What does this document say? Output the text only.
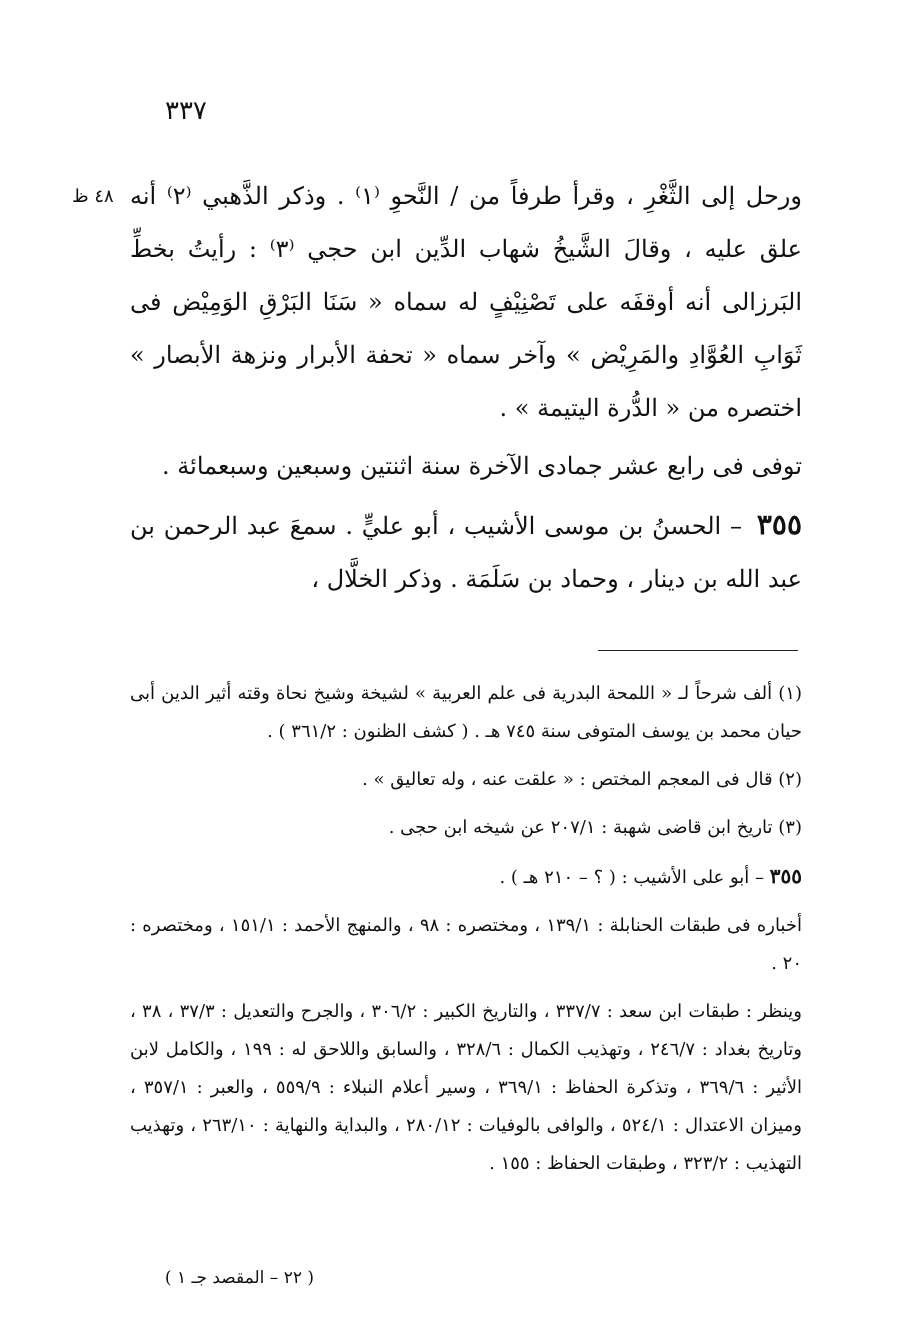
٣٣٧
٤٨ ظ ورحل إلى الثَّغْرِ ، وقرأ طرفاً من / النَّحوِ ⁽١⁾ . وذكر الذَّهبي ⁽٢⁾ أنه علق عليه ، وقالَ الشَّيخُ شهاب الدِّين ابن حجي ⁽٣⁾ : رأيتُ بخطِّ البَرزالى أنه أوقفَه على تَصْنِيْفٍ له سماه « سَنَا البَرْقِ الوَمِيْض فى ثَوَابِ العُوَّادِ والمَرِيْض » وآخر سماه « تحفة الأبرار ونزهة الأبصار » اختصره من « الدُّرة اليتيمة » .

توفى فى رابع عشر جمادى الآخرة سنة اثنتين وسبعين وسبعمائة .

٣٥٥ – الحسنُ بن موسى الأشيب ، أبو عليٍّ . سمعَ عبد الرحمن بن عبد الله بن دينار ، وحماد بن سَلَمَة . وذكر الخلَّال ،

(١) ألف شرحاً لـ « اللمحة البدرية فى علم العربية » لشيخة وشيخ نحاة وقته أثير الدين أبى حيان محمد بن يوسف المتوفى سنة ٧٤٥ هـ . ( كشف الظنون : ٣٦١/٢ ) .

(٢) قال فى المعجم المختص : « علقت عنه ، وله تعاليق » .

(٣) تاريخ ابن قاضى شهبة : ٢٠٧/١ عن شيخه ابن حجى .

٣٥٥ – أبو على الأشيب : ( ؟ – ٢١٠ هـ ) .

أخباره فى طبقات الحنابلة : ١٣٩/١ ، ومختصره : ٩٨ ، والمنهج الأحمد : ١٥١/١ ، ومختصره : ٢٠ .

وينظر : طبقات ابن سعد : ٣٣٧/٧ ، والتاريخ الكبير : ٣٠٦/٢ ، والجرح والتعديل : ٣٧/٣ ، ٣٨ ، وتاريخ بغداد : ٢٤٦/٧ ، وتهذيب الكمال : ٣٢٨/٦ ، والسابق واللاحق له : ١٩٩ ، والكامل لابن الأثير : ٣٦٩/٦ ، وتذكرة الحفاظ : ٣٦٩/١ ، وسير أعلام النبلاء : ٥٥٩/٩ ، والعبر : ٣٥٧/١ ، وميزان الاعتدال : ٥٢٤/١ ، والوافى بالوفيات : ٢٨٠/١٢ ، والبداية والنهاية : ٢٦٣/١٠ ، وتهذيب التهذيب : ٣٢٣/٢ ، وطبقات الحفاظ : ١٥٥ .

( ٢٢ – المقصد جـ ١ )
